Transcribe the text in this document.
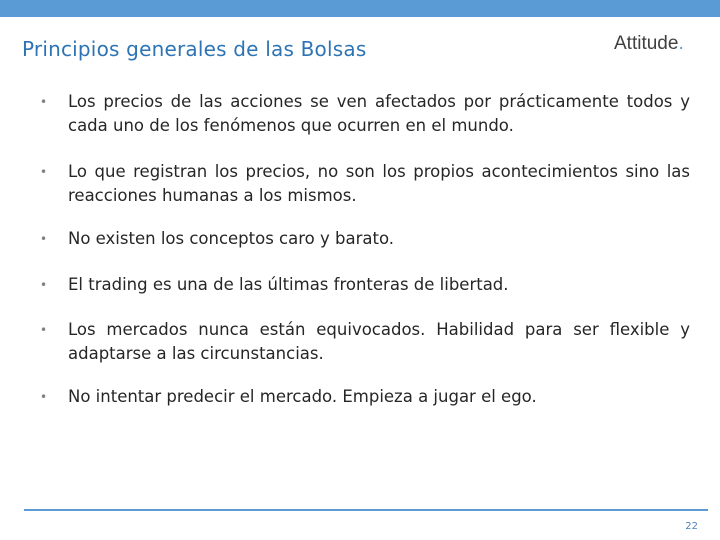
Principios generales de las Bolsas	Attitude.
• Los precios de las acciones se ven afectados por prácticamente todos y cada uno de los fenómenos que ocurren en el mundo.
• Lo que registran los precios, no son los propios acontecimientos sino las reacciones humanas a los mismos.
• No existen los conceptos caro y barato.
• El trading es una de las últimas fronteras de libertad.
• Los mercados nunca están equivocados. Habilidad para ser flexible y adaptarse a las circunstancias.
• No intentar predecir el mercado. Empieza a jugar el ego.
22
